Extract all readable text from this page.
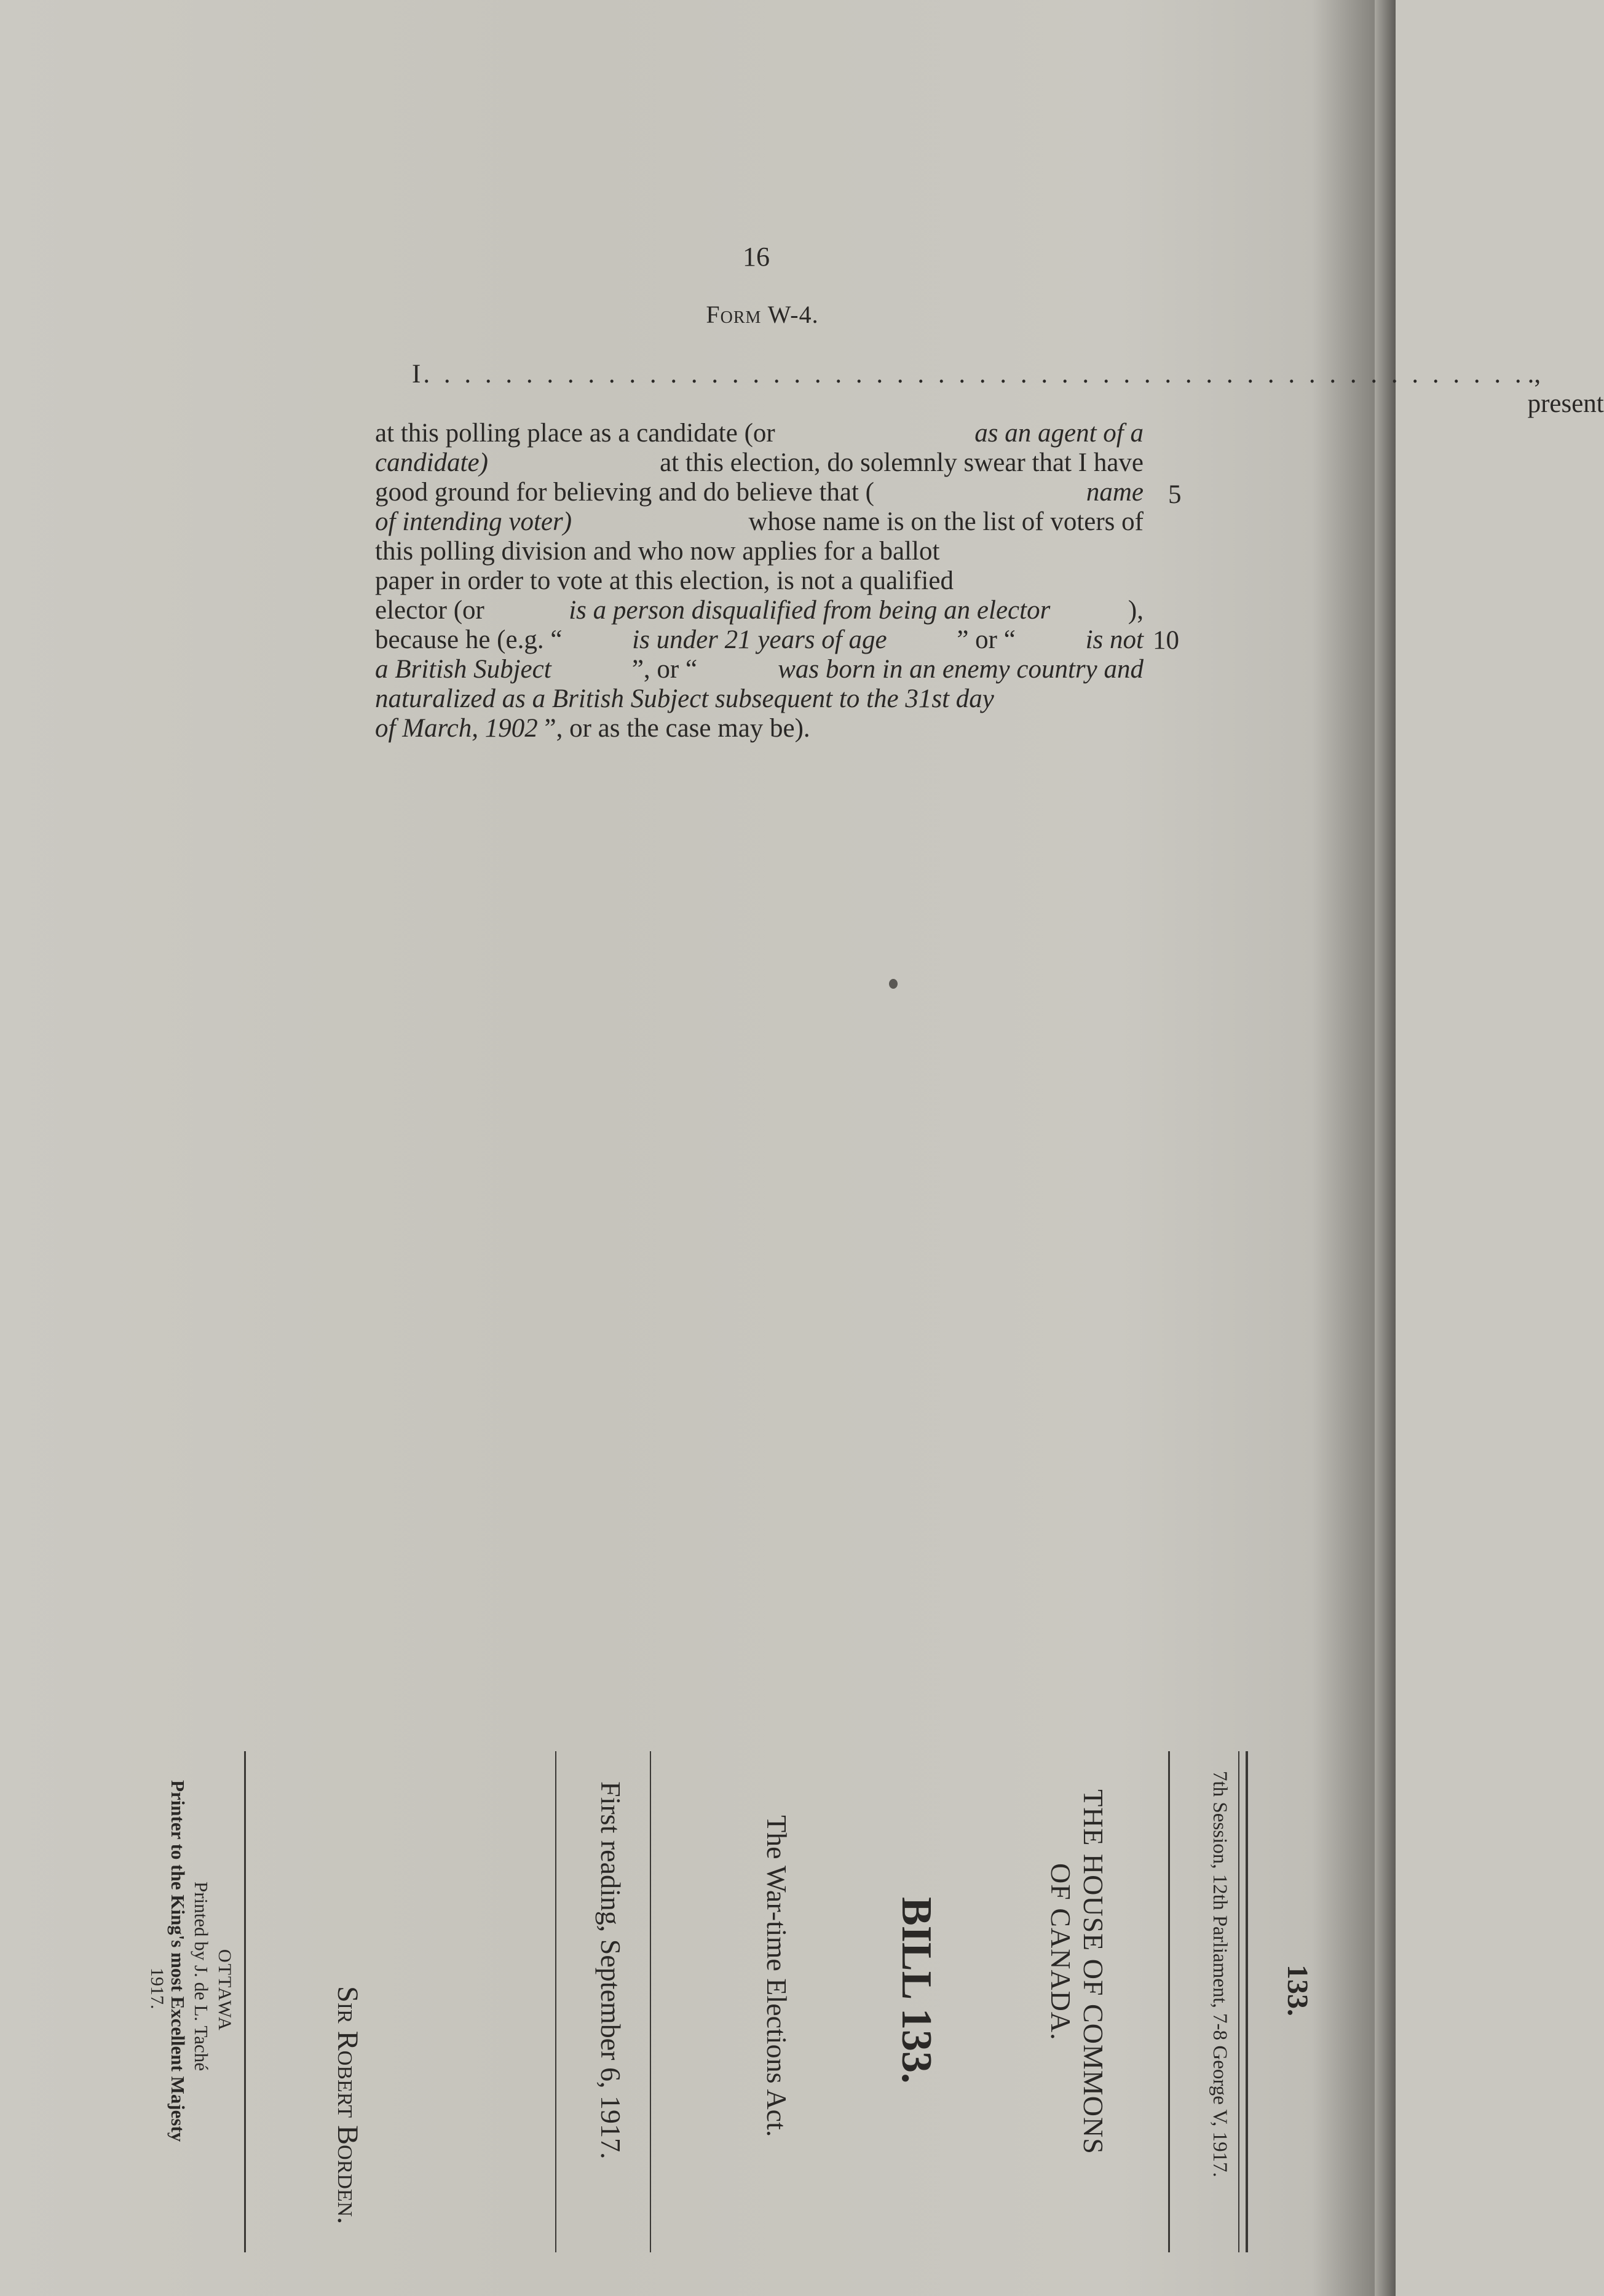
16
Form W-4.
I . . . . . . . . . . . . . . . . . . . . . . . . . . . . . . . . . . . . . . . . . . . . . . . . . . . . . . ., present
at this polling place as a candidate (or	as an agent of a
candidate)	at this election, do solemnly swear that I have
good ground for believing and do believe that (	name
of intending voter)	whose name is on the list of voters of
this polling division and who now applies for a ballot
paper in order to vote at this election, is not a qualified
elector (or	is a person disqualified from being an elector	),
because he (e.g. “ is under 21 years of age ” or “ is not
a British Subject	”, or “	was born in an enemy country and
naturalized as a British Subject subsequent to the 31st day
of March, 1902 ”, or as the case may be).
5
10
133.
7th Session, 12th Parliament, 7-8 George V, 1917.
THE HOUSE OF COMMONS
OF CANADA.
BILL 133.
The War-time Elections Act.
First reading, September 6, 1917.
Sir Robert Borden.
OTTAWA
Printed by J. de L. Taché
Printer to the King's most Excellent Majesty
1917.
